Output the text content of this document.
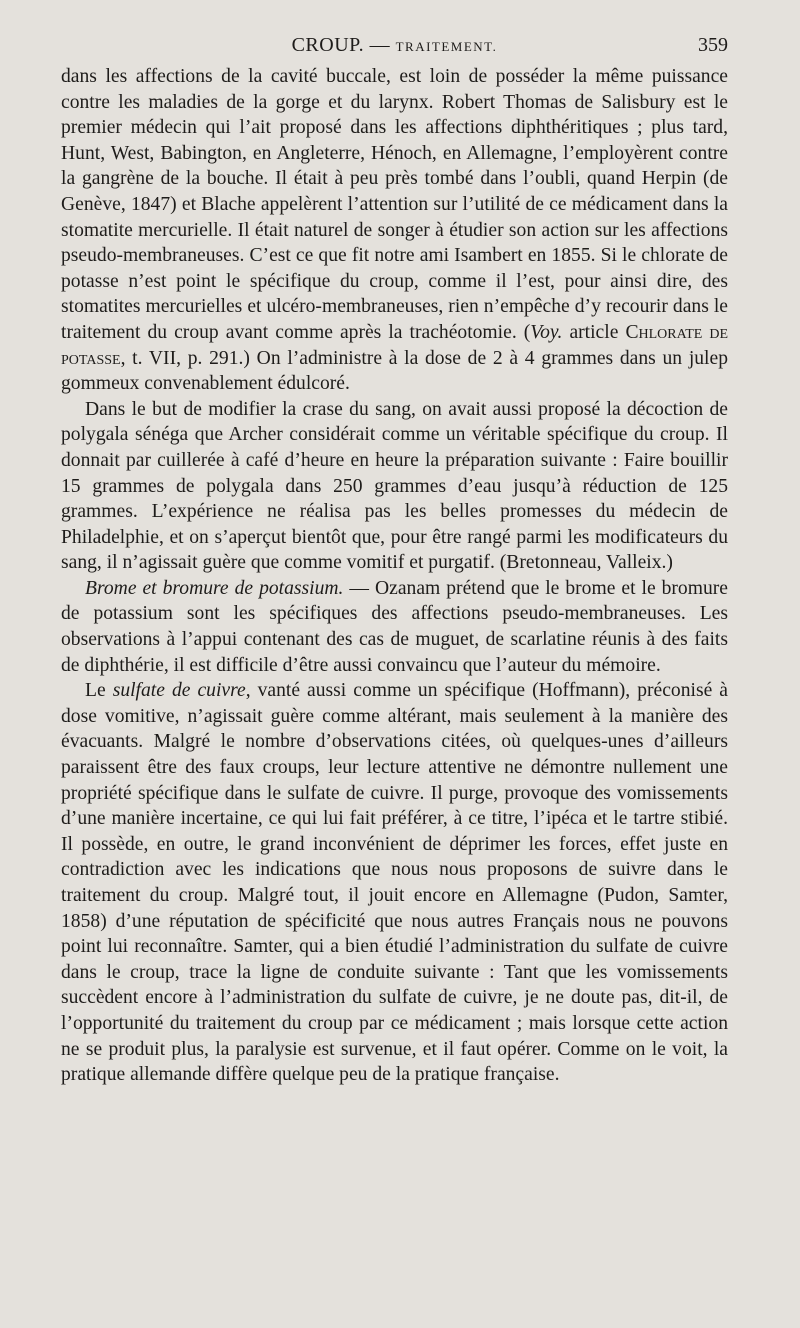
CROUP. — TRAITEMENT.	359

dans les affections de la cavité buccale, est loin de posséder la même puissance contre les maladies de la gorge et du larynx. Robert Thomas de Salisbury est le premier médecin qui l’ait proposé dans les affections diphthéritiques ; plus tard, Hunt, West, Babington, en Angleterre, Hénoch, en Allemagne, l’employèrent contre la gangrène de la bouche. Il était à peu près tombé dans l’oubli, quand Herpin (de Genève, 1847) et Blache appelèrent l’attention sur l’utilité de ce médicament dans la stomatite mercurielle. Il était naturel de songer à étudier son action sur les affections pseudo-membraneuses. C’est ce que fit notre ami Isambert en 1855. Si le chlorate de potasse n’est point le spécifique du croup, comme il l’est, pour ainsi dire, des stomatites mercurielles et ulcéro-membraneuses, rien n’empêche d’y recourir dans le traitement du croup avant comme après la trachéotomie. (Voy. article Chlorate de potasse, t. VII, p. 291.) On l’administre à la dose de 2 à 4 grammes dans un julep gommeux convenablement édulcoré.

Dans le but de modifier la crase du sang, on avait aussi proposé la décoction de polygala sénéga que Archer considérait comme un véritable spécifique du croup. Il donnait par cuillerée à café d’heure en heure la préparation suivante : Faire bouillir 15 grammes de polygala dans 250 grammes d’eau jusqu’à réduction de 125 grammes. L’expérience ne réalisa pas les belles promesses du médecin de Philadelphie, et on s’aperçut bientôt que, pour être rangé parmi les modificateurs du sang, il n’agissait guère que comme vomitif et purgatif. (Bretonneau, Valleix.)

Brome et bromure de potassium. — Ozanam prétend que le brome et le bromure de potassium sont les spécifiques des affections pseudo-membraneuses. Les observations à l’appui contenant des cas de muguet, de scarlatine réunis à des faits de diphthérie, il est difficile d’être aussi convaincu que l’auteur du mémoire.

Le sulfate de cuivre, vanté aussi comme un spécifique (Hoffmann), préconisé à dose vomitive, n’agissait guère comme altérant, mais seulement à la manière des évacuants. Malgré le nombre d’observations citées, où quelques-unes d’ailleurs paraissent être des faux croups, leur lecture attentive ne démontre nullement une propriété spécifique dans le sulfate de cuivre. Il purge, provoque des vomissements d’une manière incertaine, ce qui lui fait préférer, à ce titre, l’ipéca et le tartre stibié. Il possède, en outre, le grand inconvénient de déprimer les forces, effet juste en contradiction avec les indications que nous nous proposons de suivre dans le traitement du croup. Malgré tout, il jouit encore en Allemagne (Pudon, Samter, 1858) d’une réputation de spécificité que nous autres Français nous ne pouvons point lui reconnaître. Samter, qui a bien étudié l’administration du sulfate de cuivre dans le croup, trace la ligne de conduite suivante : Tant que les vomissements succèdent encore à l’administration du sulfate de cuivre, je ne doute pas, dit-il, de l’opportunité du traitement du croup par ce médicament ; mais lorsque cette action ne se produit plus, la paralysie est survenue, et il faut opérer. Comme on le voit, la pratique allemande diffère quelque peu de la pratique française.
